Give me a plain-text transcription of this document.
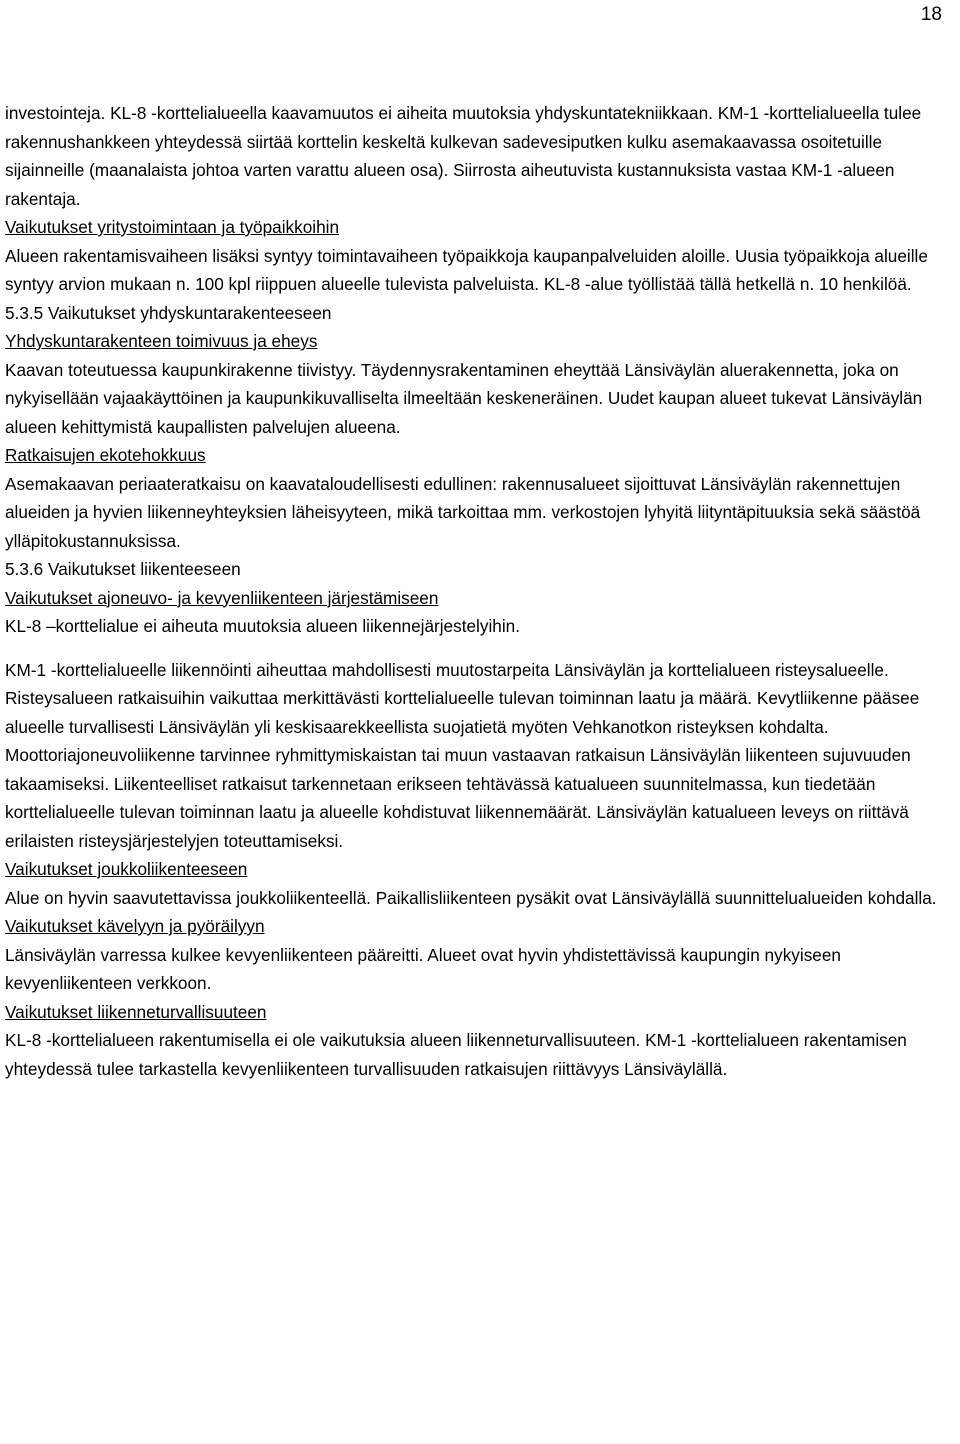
18

investointeja. KL-8 -korttelialueella kaavamuutos ei aiheita muutoksia yhdyskuntatekniikkaan. KM-1 -korttelialueella tulee rakennushankkeen yhteydessä siirtää korttelin keskeltä kulkevan sadevesiputken kulku asemakaavassa osoitetuille sijainneille (maanalaista johtoa varten varattu alueen osa). Siirrosta aiheutuvista kustannuksista vastaa KM-1 -alueen rakentaja.

Vaikutukset yritystoimintaan ja työpaikkoihin

Alueen rakentamisvaiheen lisäksi syntyy toimintavaiheen työpaikkoja kaupanpalveluiden aloille. Uusia työpaikkoja alueille syntyy arvion mukaan n. 100 kpl riippuen alueelle tulevista palveluista. KL-8 -alue työllistää tällä hetkellä n. 10 henkilöä.

5.3.5 Vaikutukset yhdyskuntarakenteeseen

Yhdyskuntarakenteen toimivuus ja eheys

Kaavan toteutuessa kaupunkirakenne tiivistyy. Täydennysrakentaminen eheyttää Länsiväylän aluerakennetta, joka on nykyisellään vajaakäyttöinen ja kaupunkikuvalliselta ilmeeltään keskeneräinen. Uudet kaupan alueet tukevat Länsiväylän alueen kehittymistä kaupallisten palvelujen alueena.

Ratkaisujen ekotehokkuus

Asemakaavan periaateratkaisu on kaavataloudellisesti edullinen: rakennusalueet sijoittuvat Länsiväylän rakennettujen alueiden ja hyvien liikenneyhteyksien läheisyyteen, mikä tarkoittaa mm. verkostojen lyhyitä liityntäpituuksia sekä säästöä ylläpitokustannuksissa.

5.3.6 Vaikutukset liikenteeseen

Vaikutukset ajoneuvo- ja kevyenliikenteen järjestämiseen

KL-8 –korttelialue ei aiheuta muutoksia alueen liikennejärjestelyihin.

KM-1 -korttelialueelle liikennöinti aiheuttaa mahdollisesti muutostarpeita Länsiväylän ja korttelialueen risteysalueelle. Risteysalueen ratkaisuihin vaikuttaa merkittävästi korttelialueelle tulevan toiminnan laatu ja määrä. Kevytliikenne pääsee alueelle turvallisesti Länsiväylän yli keskisaarekkeellista suojatietä myöten Vehkanotkon risteyksen kohdalta. Moottoriajoneuvoliikenne tarvinnee ryhmittymiskaistan tai muun vastaavan ratkaisun Länsiväylän liikenteen sujuvuuden takaamiseksi. Liikenteelliset ratkaisut tarkennetaan erikseen tehtävässä katualueen suunnitelmassa, kun tiedetään korttelialueelle tulevan toiminnan laatu ja alueelle kohdistuvat liikennemäärät. Länsiväylän katualueen leveys on riittävä erilaisten risteysjärjestelyjen toteuttamiseksi.

Vaikutukset joukkoliikenteeseen

Alue on hyvin saavutettavissa joukkoliikenteellä. Paikallisliikenteen pysäkit ovat Länsiväylällä suunnittelualueiden kohdalla.

Vaikutukset kävelyyn ja pyöräilyyn

Länsiväylän varressa kulkee kevyenliikenteen pääreitti. Alueet ovat hyvin yhdistettävissä kaupungin nykyiseen kevyenliikenteen verkkoon.

Vaikutukset liikenneturvallisuuteen

KL-8 -korttelialueen rakentumisella ei ole vaikutuksia alueen liikenneturvallisuuteen. KM-1 -korttelialueen rakentamisen yhteydessä tulee tarkastella kevyenliikenteen turvallisuuden ratkaisujen riittävyys Länsiväylällä.
